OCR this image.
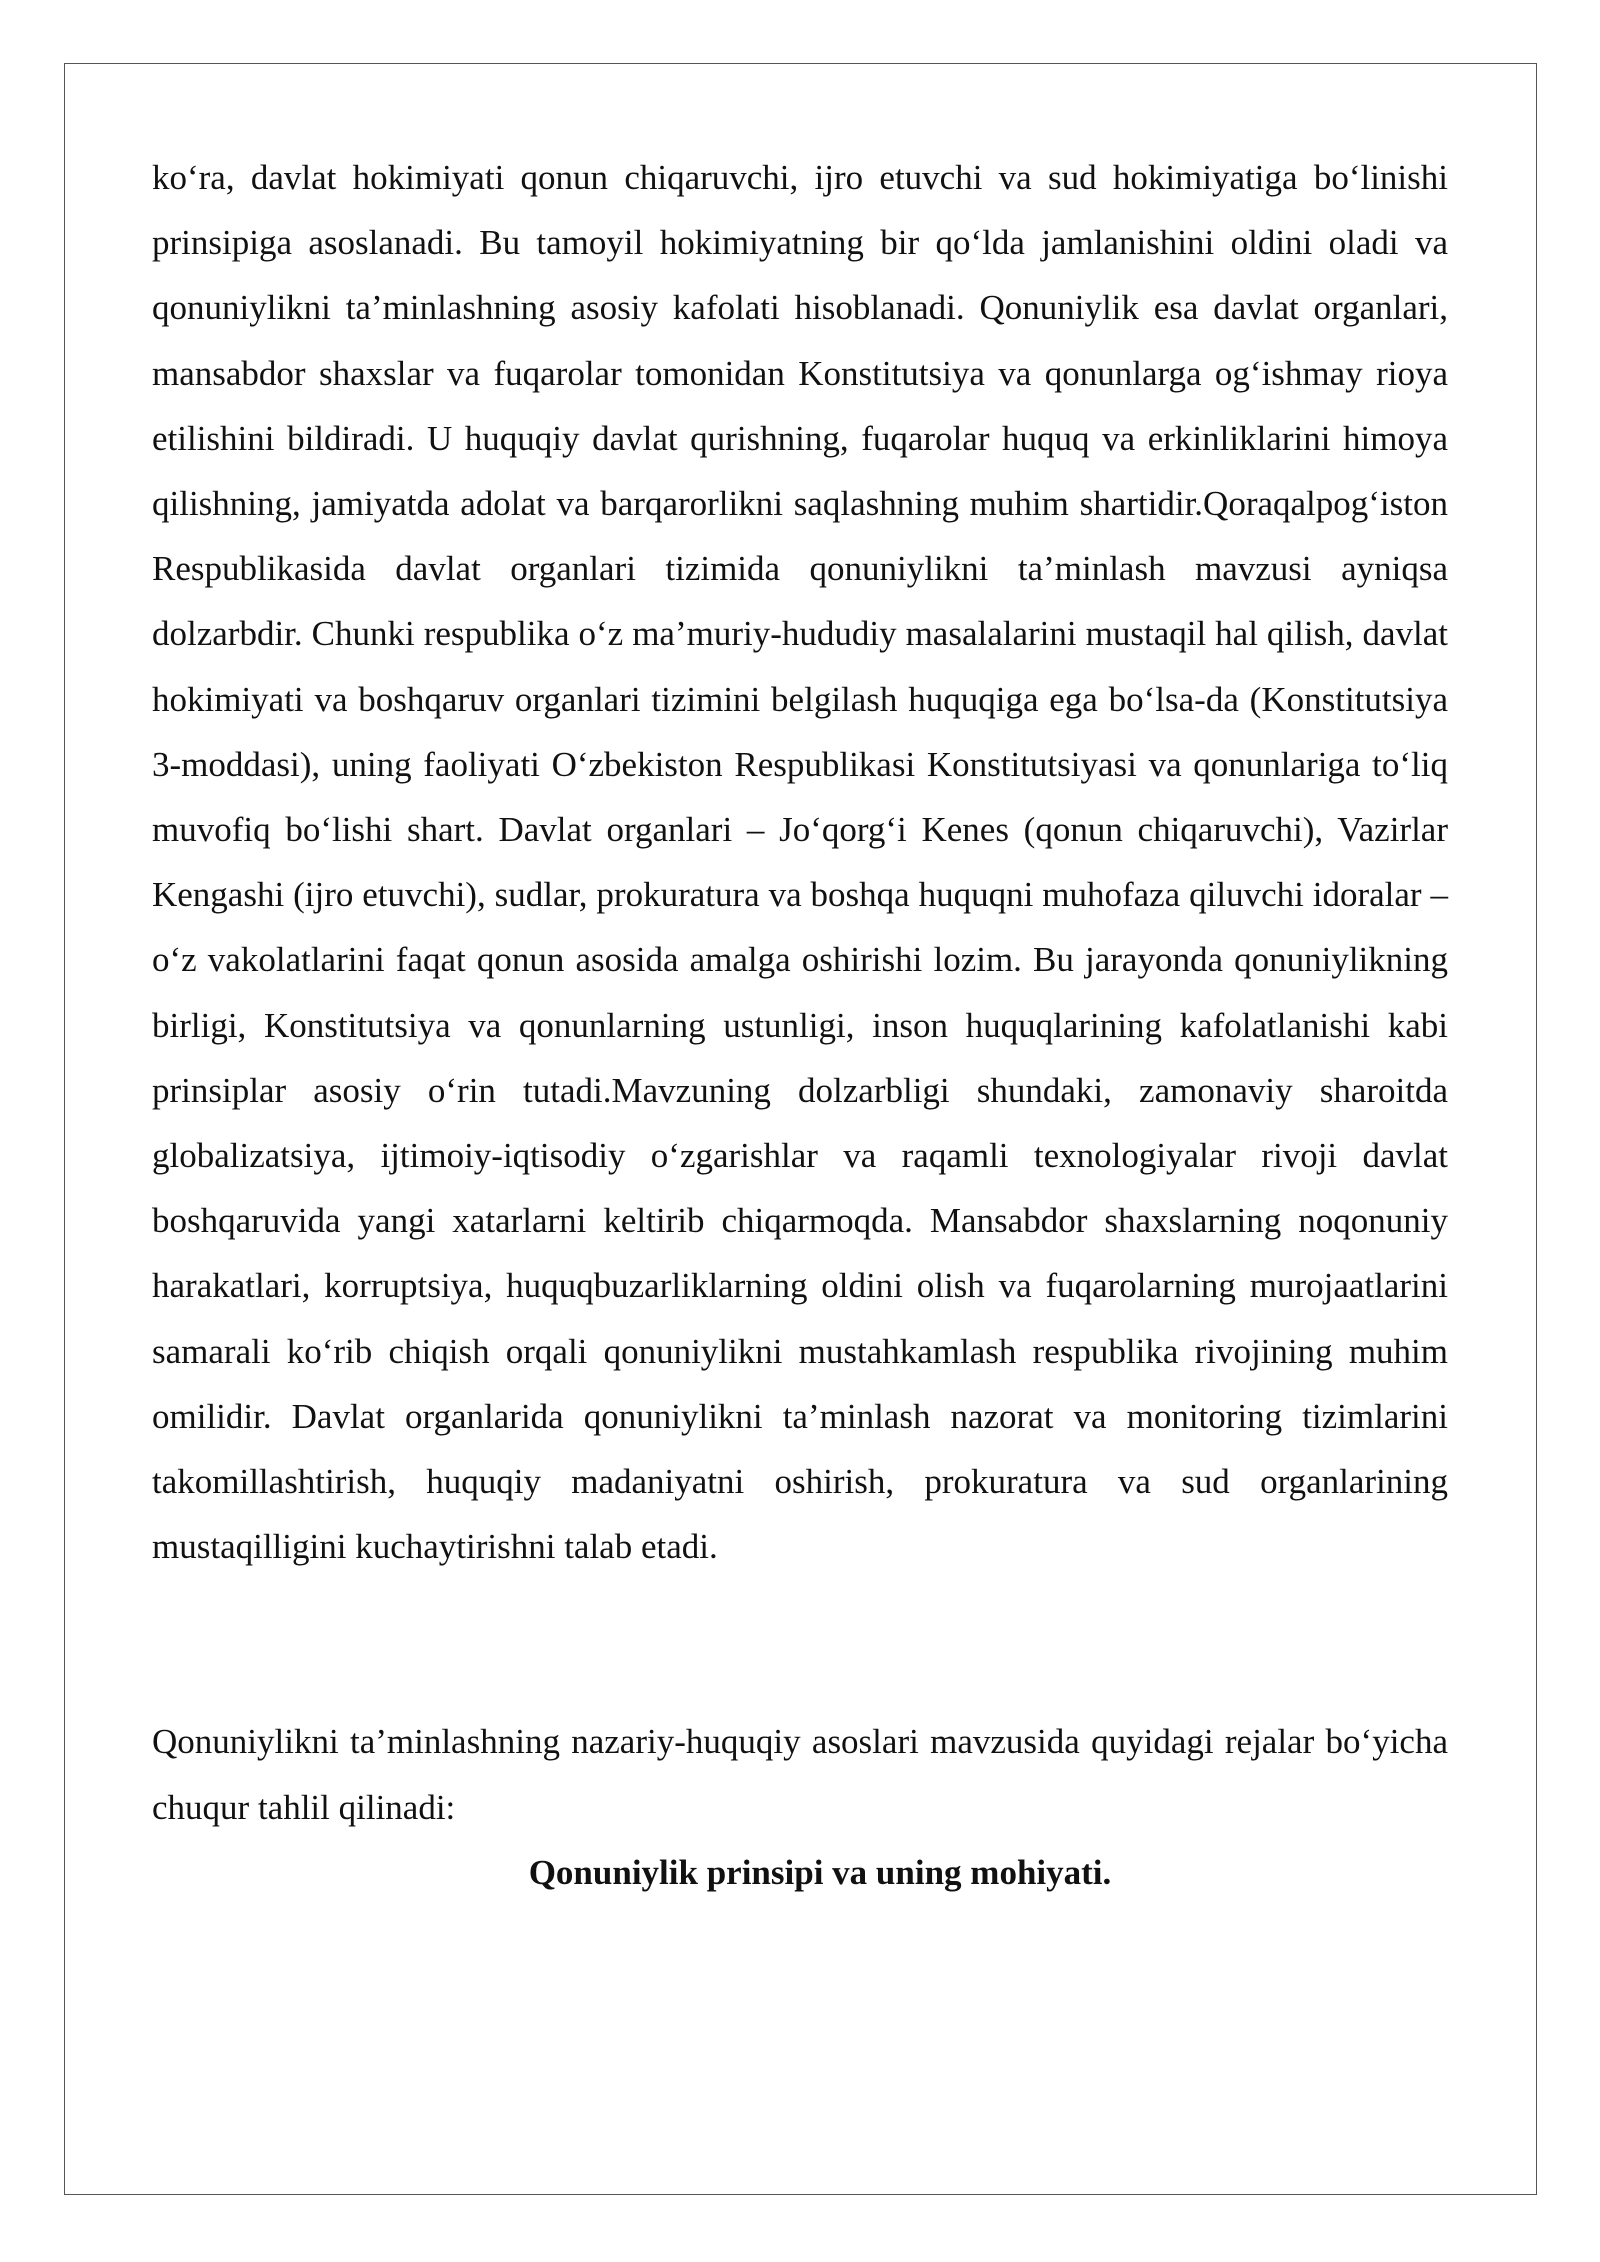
ko‘ra, davlat hokimiyati qonun chiqaruvchi, ijro etuvchi va sud hokimiyatiga bo‘linishi prinsipiga asoslanadi. Bu tamoyil hokimiyatning bir qo‘lda jamlanishini oldini oladi va qonuniylikni ta’minlashning asosiy kafolati hisoblanadi. Qonuniylik esa davlat organlari, mansabdor shaxslar va fuqarolar tomonidan Konstitutsiya va qonunlarga og‘ishmay rioya etilishini bildiradi. U huquqiy davlat qurishning, fuqarolar huquq va erkinliklarini himoya qilishning, jamiyatda adolat va barqarorlikni saqlashning muhim shartidir.Qoraqalpog‘iston Respublikasida davlat organlari tizimida qonuniylikni ta’minlash mavzusi ayniqsa dolzarbdir. Chunki respublika o‘z ma’muriy-hududiy masalalarini mustaqil hal qilish, davlat hokimiyati va boshqaruv organlari tizimini belgilash huquqiga ega bo‘lsa-da (Konstitutsiya 3-moddasi), uning faoliyati O‘zbekiston Respublikasi Konstitutsiyasi va qonunlariga to‘liq muvofiq bo‘lishi shart. Davlat organlari – Jo‘qorg‘i Kenes (qonun chiqaruvchi), Vazirlar Kengashi (ijro etuvchi), sudlar, prokuratura va boshqa huquqni muhofaza qiluvchi idoralar – o‘z vakolatlarini faqat qonun asosida amalga oshirishi lozim. Bu jarayonda qonuniylikning birligi, Konstitutsiya va qonunlarning ustunligi, inson huquqlarining kafolatlanishi kabi prinsiplar asosiy o‘rin tutadi.Mavzuning dolzarbligi shundaki, zamonaviy sharoitda globalizatsiya, ijtimoiy-iqtisodiy o‘zgarishlar va raqamli texnologiyalar rivoji davlat boshqaruvida yangi xatarlarni keltirib chiqarmoqda. Mansabdor shaxslarning noqonuniy harakatlari, korruptsiya, huquqbuzarliklarning oldini olish va fuqarolarning murojaatlarini samarali ko‘rib chiqish orqali qonuniylikni mustahkamlash respublika rivojining muhim omilidir. Davlat organlarida qonuniylikni ta’minlash nazorat va monitoring tizimlarini takomillashtirish, huquqiy madaniyatni oshirish, prokuratura va sud organlarining mustaqilligini kuchaytirishni talab etadi.

Qonuniylikni ta’minlashning nazariy-huquqiy asoslari mavzusida quyidagi rejalar bo‘yicha chuqur tahlil qilinadi:

Qonuniylik prinsipi va uning mohiyati.
